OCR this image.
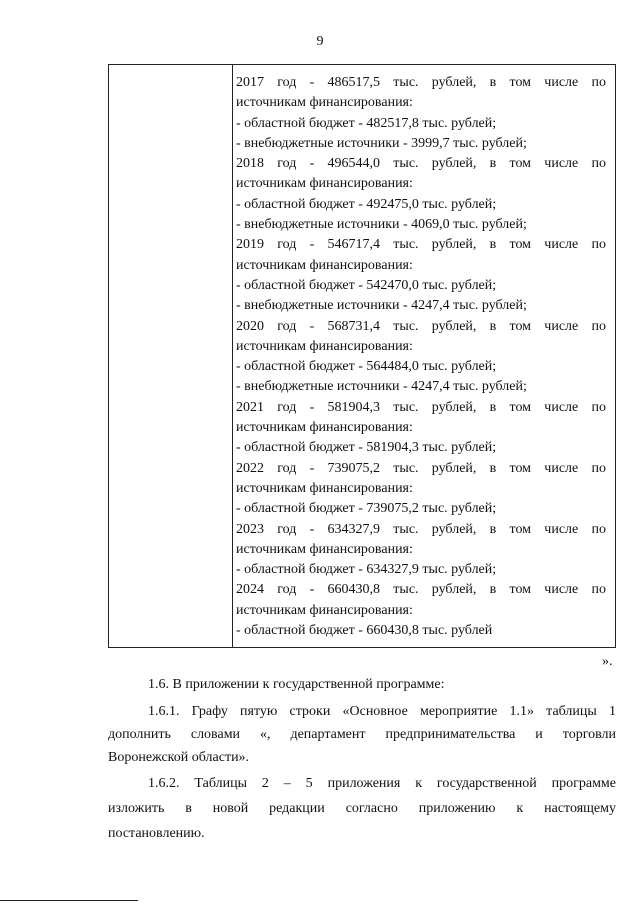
9
2017 год - 486517,5 тыс. рублей, в том числе по
источникам финансирования:
- областной бюджет - 482517,8 тыс. рублей;
- внебюджетные источники - 3999,7 тыс. рублей;
2018 год - 496544,0 тыс. рублей, в том числе по
источникам финансирования:
- областной бюджет - 492475,0 тыс. рублей;
- внебюджетные источники - 4069,0 тыс. рублей;
2019 год - 546717,4 тыс. рублей, в том числе по
источникам финансирования:
- областной бюджет - 542470,0 тыс. рублей;
- внебюджетные источники - 4247,4 тыс. рублей;
2020 год - 568731,4 тыс. рублей, в том числе по
источникам финансирования:
- областной бюджет - 564484,0 тыс. рублей;
- внебюджетные источники - 4247,4 тыс. рублей;
2021 год - 581904,3 тыс. рублей, в том числе по
источникам финансирования:
- областной бюджет - 581904,3 тыс. рублей;
2022 год - 739075,2 тыс. рублей, в том числе по
источникам финансирования:
- областной бюджет - 739075,2 тыс. рублей;
2023 год - 634327,9 тыс. рублей, в том числе по
источникам финансирования:
- областной бюджет - 634327,9 тыс. рублей;
2024 год - 660430,8 тыс. рублей, в том числе по
источникам финансирования:
- областной бюджет - 660430,8 тыс. рублей
».
1.6. В приложении к государственной программе:
1.6.1. Графу пятую строки «Основное мероприятие 1.1» таблицы 1
дополнить словами «, департамент предпринимательства и торговли
Воронежской области».
1.6.2. Таблицы 2 – 5 приложения к государственной программе
изложить в новой редакции согласно приложению к настоящему
постановлению.
